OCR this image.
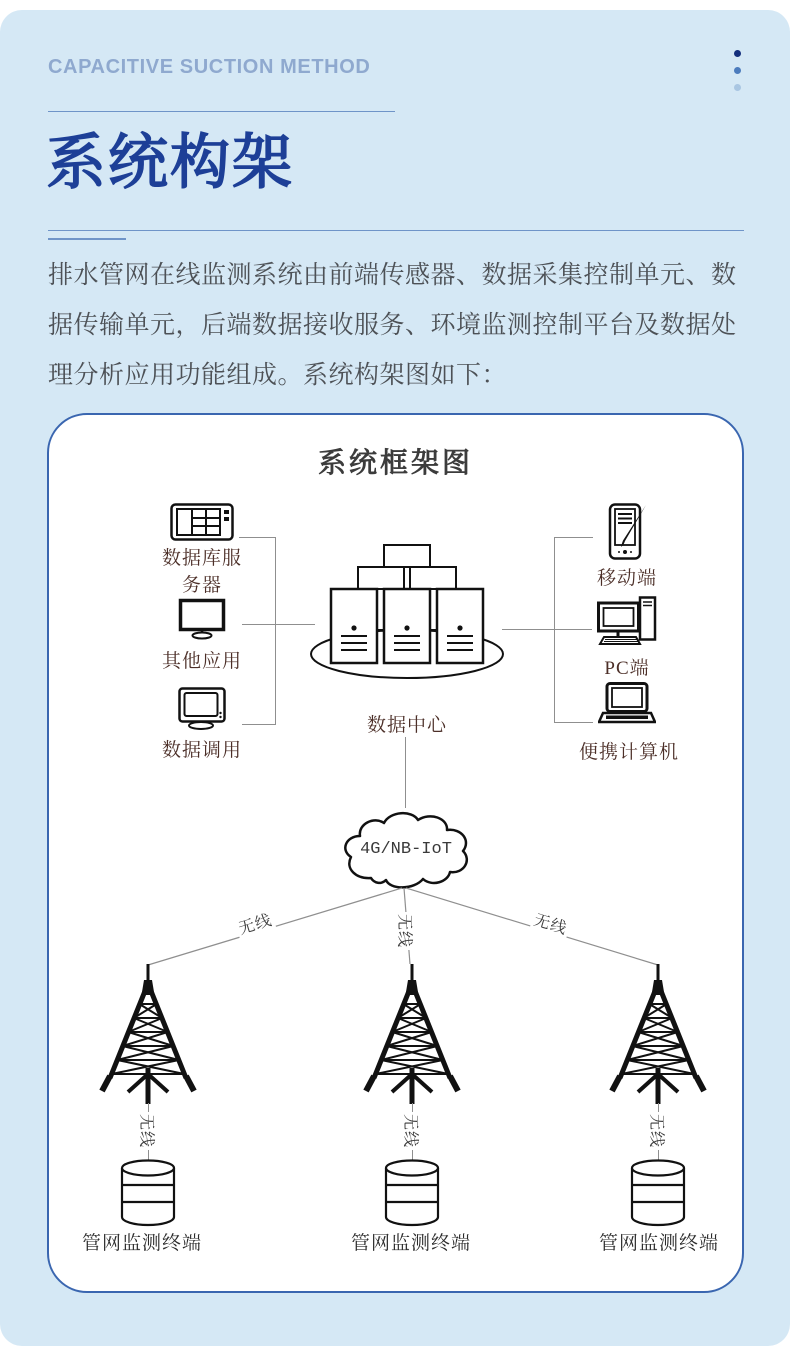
CAPACITIVE SUCTION METHOD
系统构架
排水管网在线监测系统由前端传感器、数据采集控制单元、数
据传输单元，后端数据接收服务、环境监测控制平台及数据处
理分析应用功能组成。系统构架图如下：
系统框架图
数据库服务器
其他应用
数据调用
数据中心
移动端
PC端
便携计算机
4G/NB-IoT
无线	无线	无线
无线	无线	无线
管网监测终端	管网监测终端	管网监测终端
